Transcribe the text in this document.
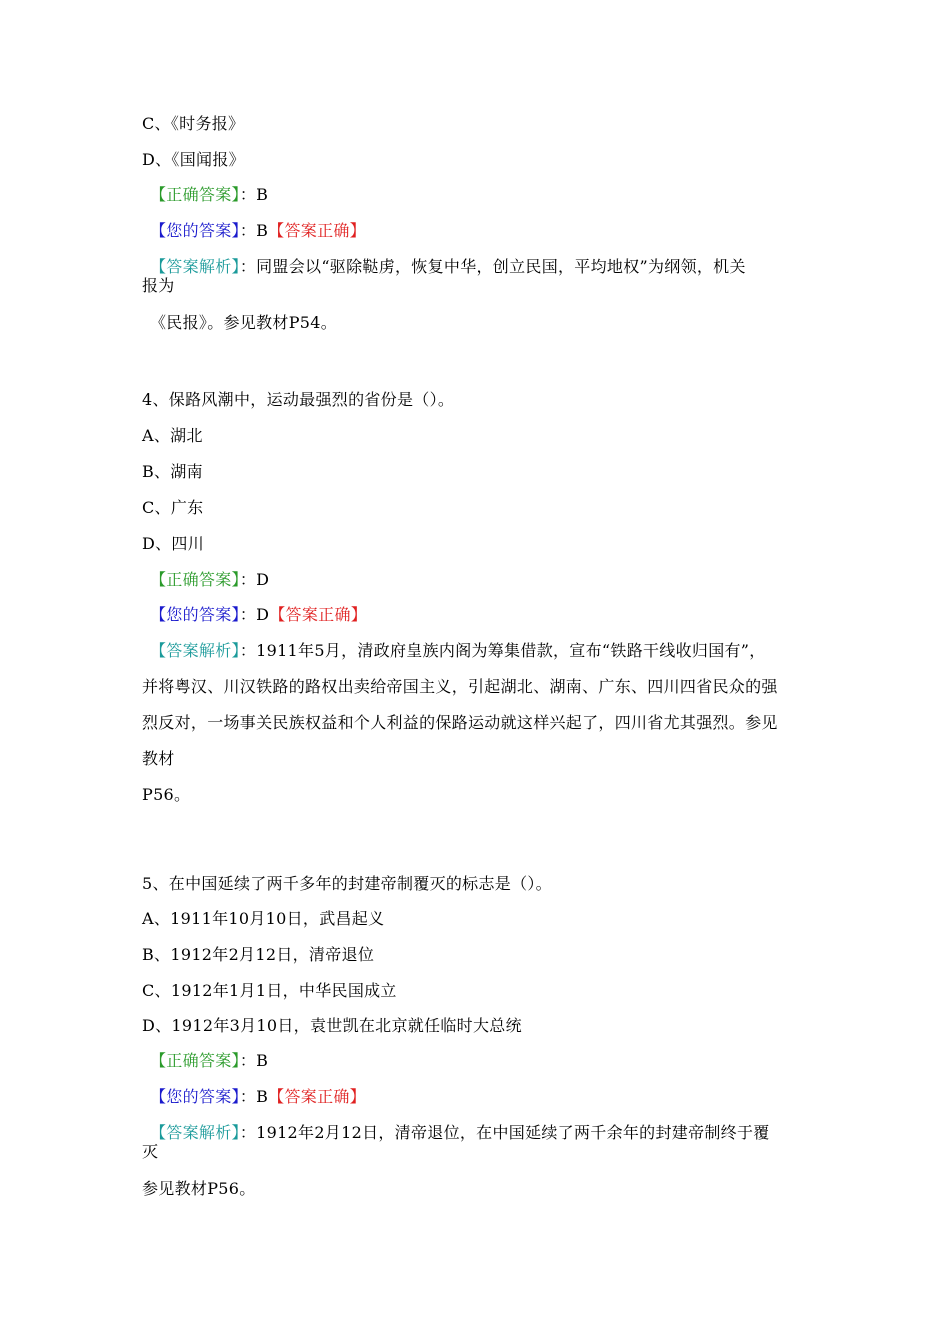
C、《时务报》
D、《国闻报》
【正确答案】：B
【您的答案】：B【答案正确】
【答案解析】：同盟会以“驱除鞑虏，恢复中华，创立民国，平均地权”为纲领，机关
报为
《民报》。参见教材P54。
4、保路风潮中，运动最强烈的省份是（）。
A、湖北
B、湖南
C、广东
D、四川
【正确答案】：D
【您的答案】：D【答案正确】
【答案解析】：1911年5月，清政府皇族内阁为筹集借款，宣布“铁路干线收归国有”，
并将粤汉、川汉铁路的路权出卖给帝国主义，引起湖北、湖南、广东、四川四省民众的强
烈反对，一场事关民族权益和个人利益的保路运动就这样兴起了，四川省尤其强烈。参见
教材
P56。
5、在中国延续了两千多年的封建帝制覆灭的标志是（）。
A、1911年10月10日，武昌起义
B、1912年2月12日，清帝退位
C、1912年1月1日，中华民国成立
D、1912年3月10日，袁世凯在北京就任临时大总统
【正确答案】：B
【您的答案】：B【答案正确】
【答案解析】：1912年2月12日，清帝退位，在中国延续了两千余年的封建帝制终于覆
灭
参见教材P56。
